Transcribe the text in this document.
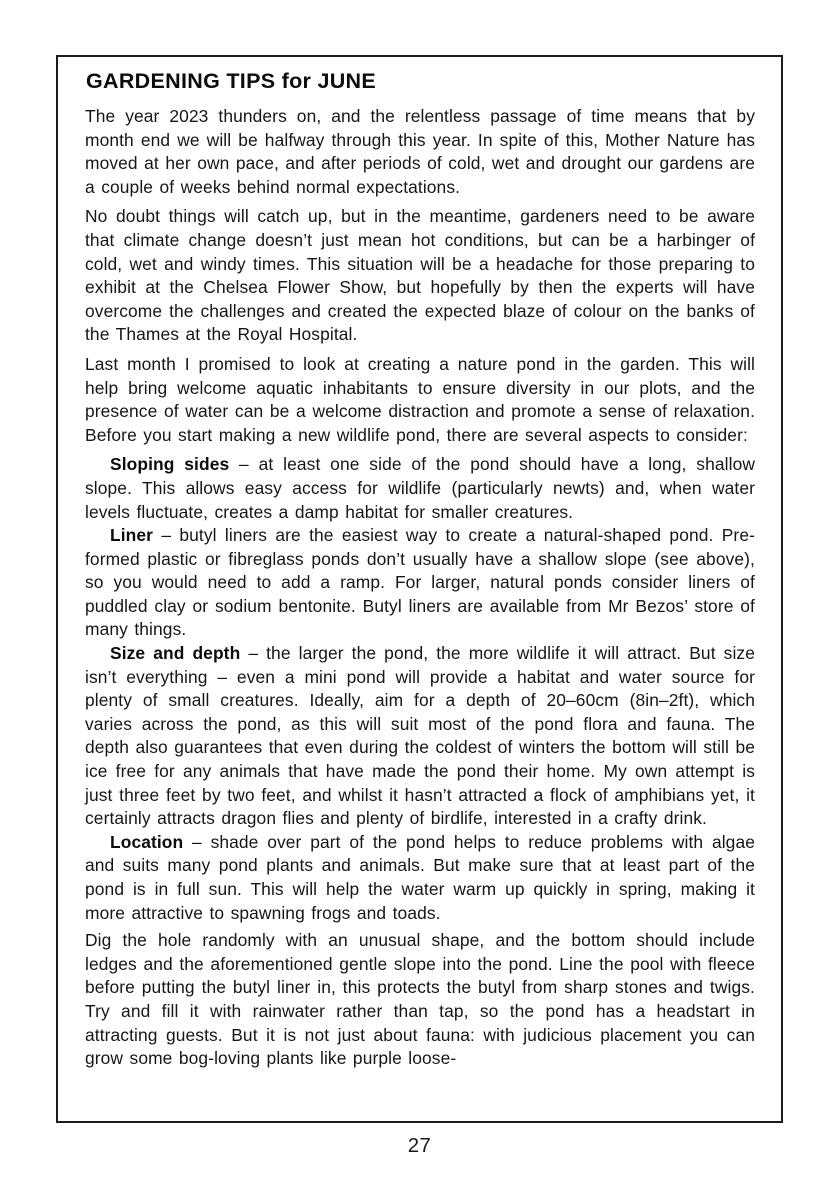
GARDENING TIPS for JUNE

The year 2023 thunders on, and the relentless passage of time means that by month end we will be halfway through this year. In spite of this, Mother Nature has moved at her own pace, and after periods of cold, wet and drought our gardens are a couple of weeks behind normal expectations.

No doubt things will catch up, but in the meantime, gardeners need to be aware that climate change doesn’t just mean hot conditions, but can be a harbinger of cold, wet and windy times. This situation will be a headache for those preparing to exhibit at the Chelsea Flower Show, but hopefully by then the experts will have overcome the challenges and created the expected blaze of colour on the banks of the Thames at the Royal Hospital.

Last month I promised to look at creating a nature pond in the garden. This will help bring welcome aquatic inhabitants to ensure diversity in our plots, and the presence of water can be a welcome distraction and promote a sense of relaxation. Before you start making a new wildlife pond, there are several aspects to consider:

Sloping sides – at least one side of the pond should have a long, shallow slope. This allows easy access for wildlife (particularly newts) and, when water levels fluctuate, creates a damp habitat for smaller creatures.

Liner – butyl liners are the easiest way to create a natural-shaped pond. Pre-formed plastic or fibreglass ponds don’t usually have a shallow slope (see above), so you would need to add a ramp. For larger, natural ponds consider liners of puddled clay or sodium bentonite. Butyl liners are available from Mr Bezos’ store of many things.

Size and depth – the larger the pond, the more wildlife it will attract. But size isn’t everything – even a mini pond will provide a habitat and water source for plenty of small creatures. Ideally, aim for a depth of 20–60cm (8in–2ft), which varies across the pond, as this will suit most of the pond flora and fauna. The depth also guarantees that even during the coldest of winters the bottom will still be ice free for any animals that have made the pond their home. My own attempt is just three feet by two feet, and whilst it hasn’t attracted a flock of amphibians yet, it certainly attracts dragon flies and plenty of birdlife, interested in a crafty drink.

Location – shade over part of the pond helps to reduce problems with algae and suits many pond plants and animals. But make sure that at least part of the pond is in full sun. This will help the water warm up quickly in spring, making it more attractive to spawning frogs and toads.

Dig the hole randomly with an unusual shape, and the bottom should include ledges and the aforementioned gentle slope into the pond. Line the pool with fleece before putting the butyl liner in, this protects the butyl from sharp stones and twigs. Try and fill it with rainwater rather than tap, so the pond has a headstart in attracting guests. But it is not just about fauna: with judicious placement you can grow some bog-loving plants like purple loose-

27
